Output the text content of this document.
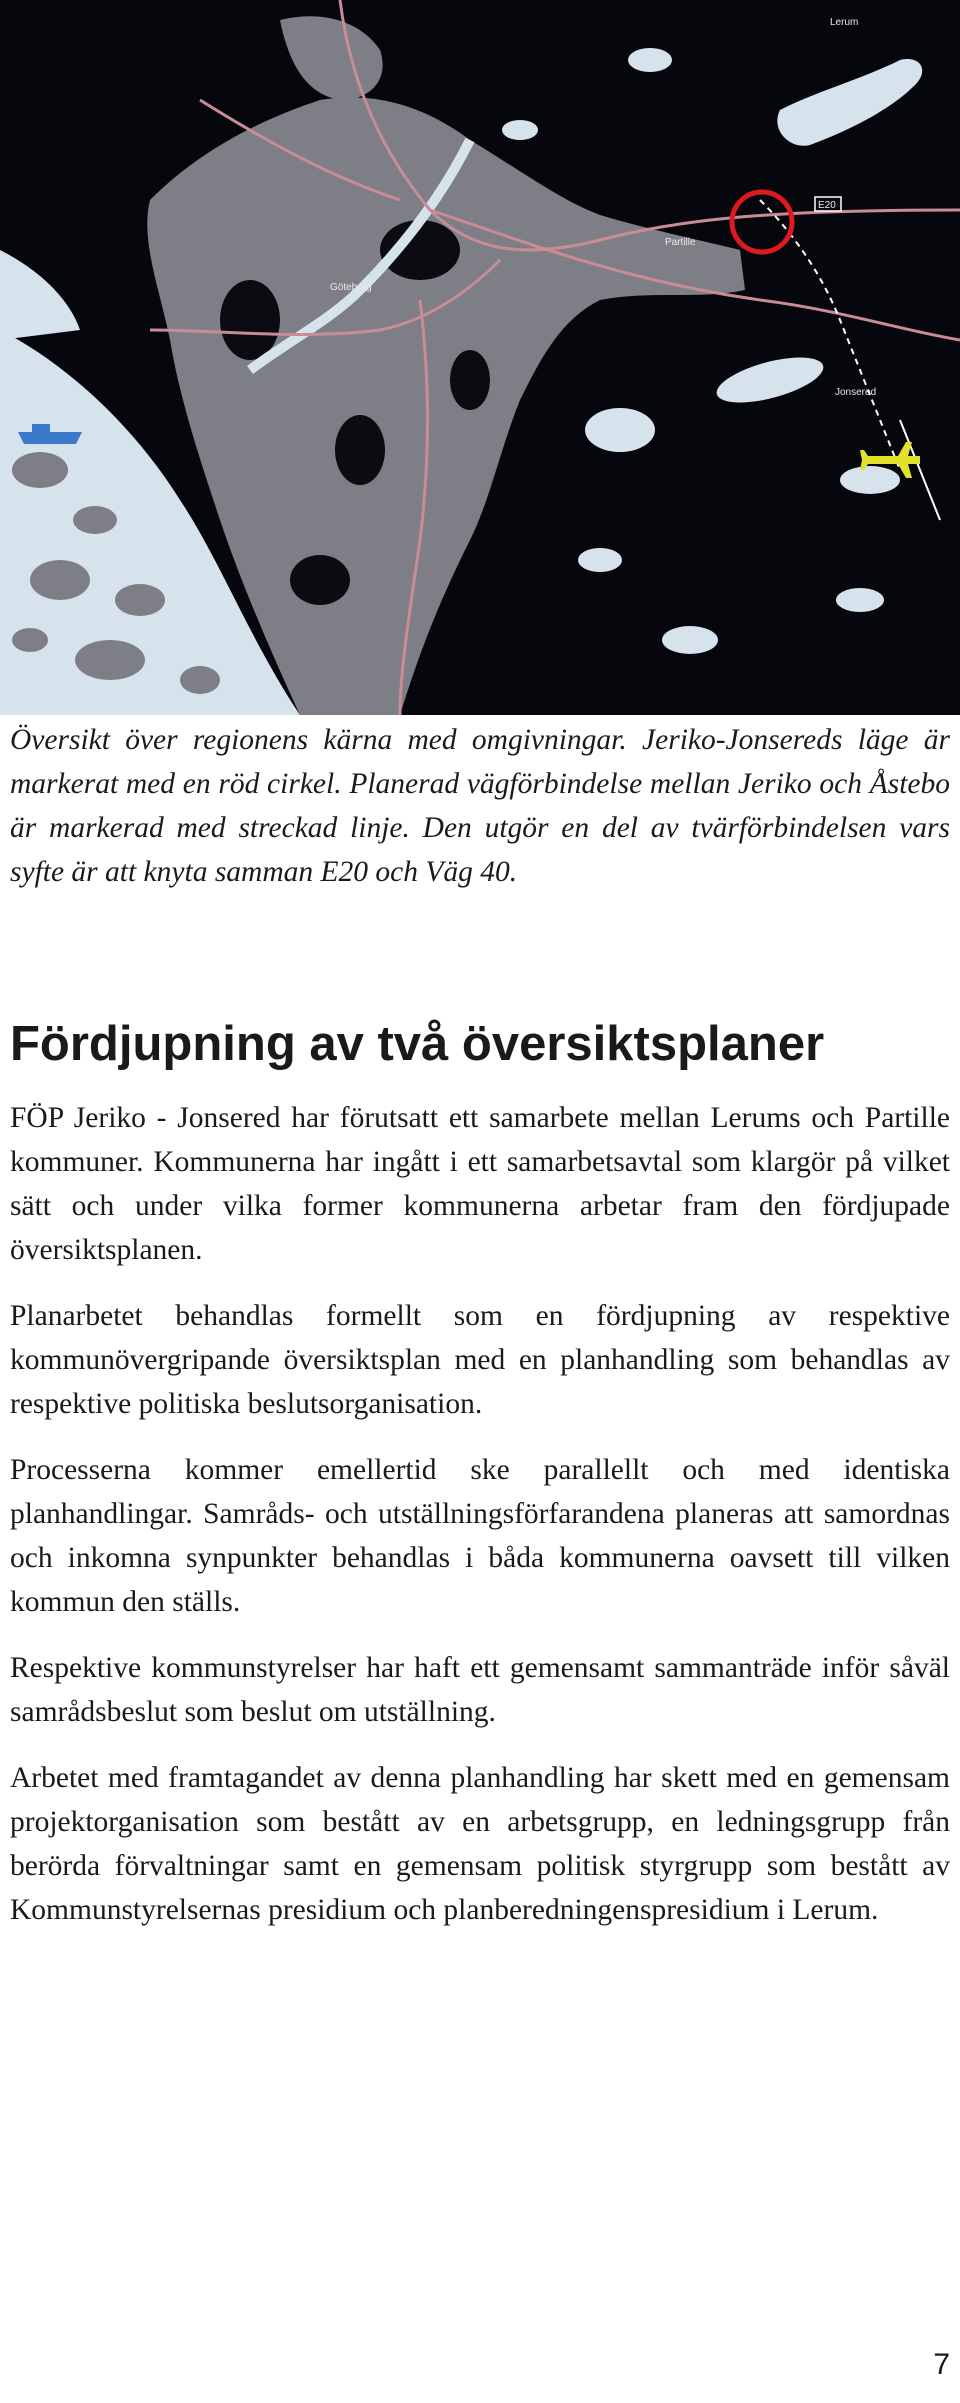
E20
Lerum
Partille
Göteborg
Jonsered

Översikt över regionens kärna med omgivningar. Jeriko-Jonsereds läge är markerat med en röd cirkel. Planerad vägförbindelse mellan Jeriko och Åstebo är markerad med streckad linje. Den utgör en del av tvärförbindelsen vars syfte är att knyta samman E20 och Väg 40.

Fördjupning av två översiktsplaner

FÖP Jeriko - Jonsered har förutsatt ett samarbete mellan Lerums och Partille kommuner. Kommunerna har ingått i ett samarbetsavtal som klargör på vilket sätt och under vilka former kommunerna arbetar fram den fördjupade översiktsplanen.

Planarbetet behandlas formellt som en fördjupning av respektive kommunövergripande översiktsplan med en planhandling som behandlas av respektive politiska beslutsorganisation.

Processerna kommer emellertid ske parallellt och med identiska planhandlingar. Samråds- och utställningsförfarandena planeras att samordnas och inkomna synpunkter behandlas i båda kommunerna oavsett till vilken kommun den ställs.

Respektive kommunstyrelser har haft ett gemensamt sammanträde inför såväl samrådsbeslut som beslut om utställning.

Arbetet med framtagandet av denna planhandling har skett med en gemensam projektorganisation som bestått av en arbetsgrupp, en ledningsgrupp från berörda förvaltningar samt en gemensam politisk styrgrupp som bestått av Kommunstyrelsernas presidium och planberedningenspresidium i Lerum.

7
